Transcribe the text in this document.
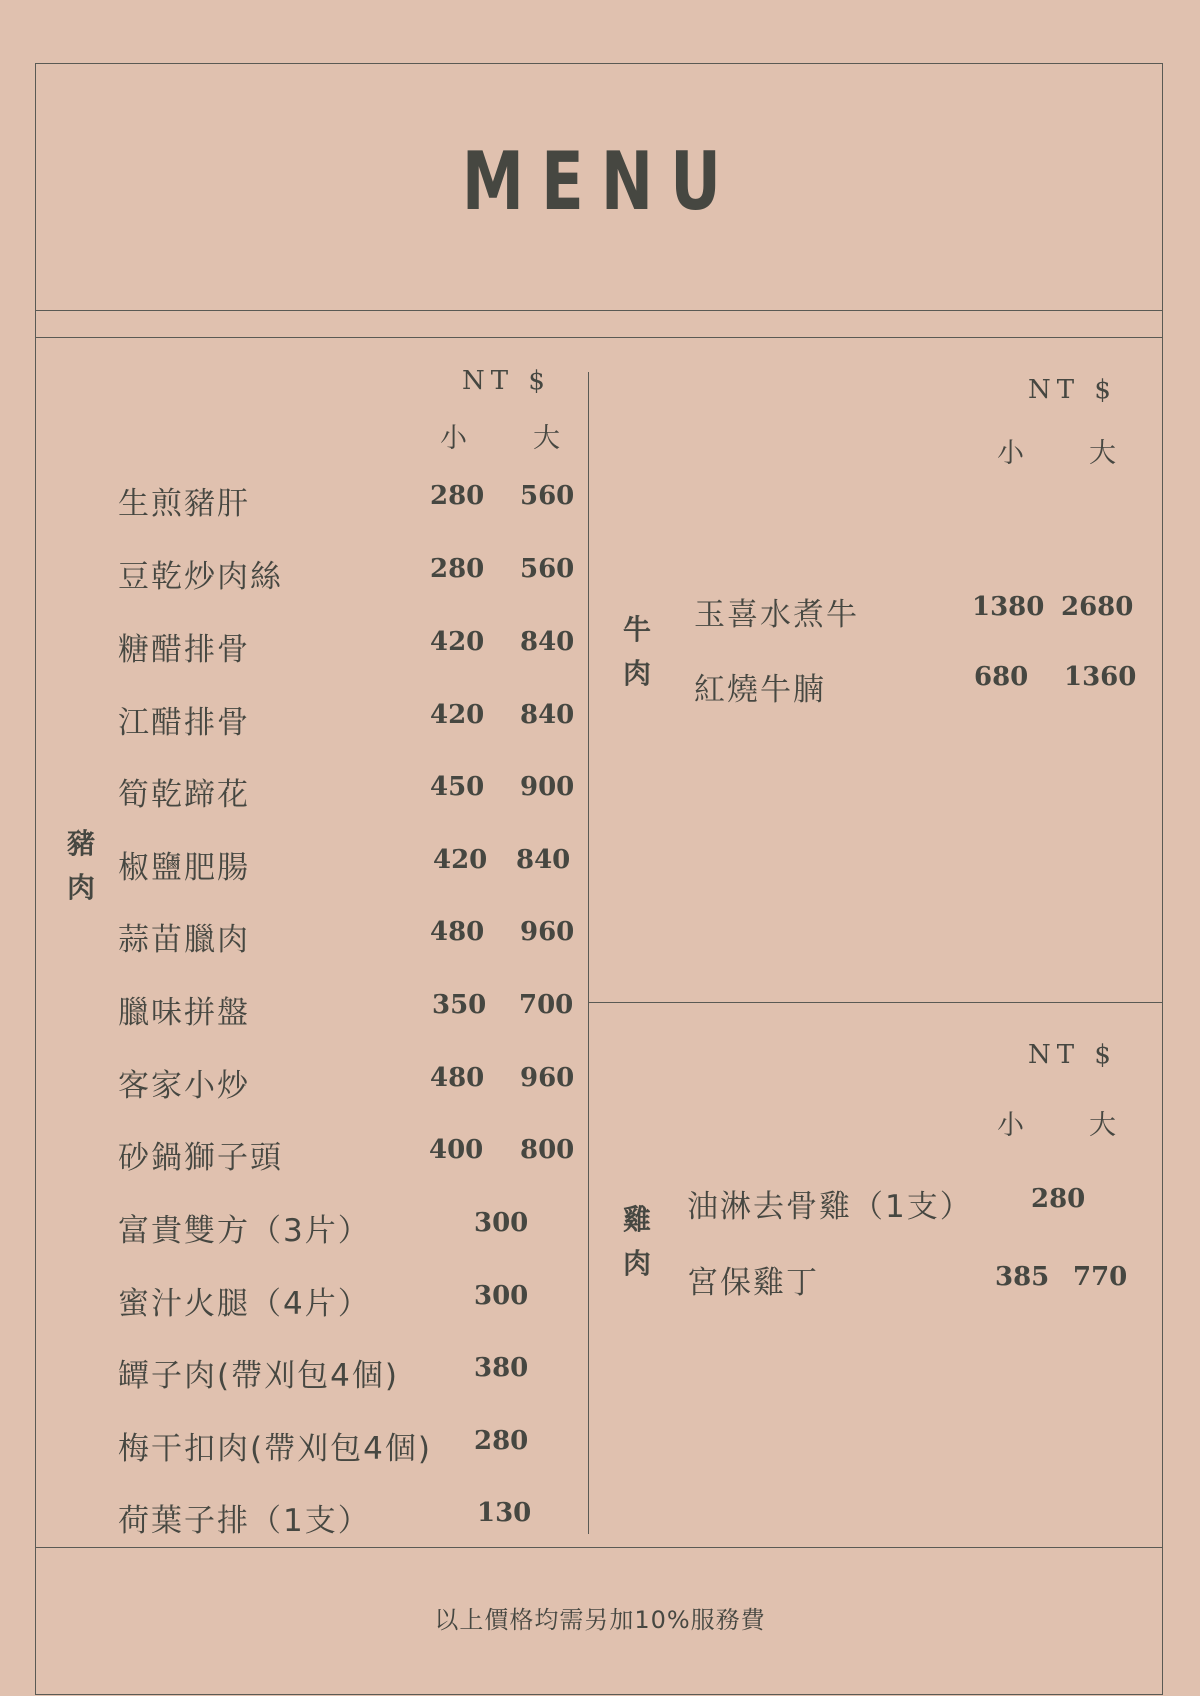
MENU
NT $
小 大
豬
肉
生煎豬肝	280 560
豆乾炒肉絲	280 560
糖醋排骨	420 840
江醋排骨	420 840
筍乾蹄花	450 900
椒鹽肥腸	420 840
蒜苗臘肉	480 960
臘味拼盤	350 700
客家小炒	480 960
砂鍋獅子頭	400 800
富貴雙方（3片）	300
蜜汁火腿（4片）	300
罈子肉(帶刈包4個)	380
梅干扣肉(帶刈包4個) 280
荷葉子排（1支）	130
NT $
小 大
牛
肉
玉喜水煮牛	1380 2680
紅燒牛腩	680 1360
NT $
小 大
雞
肉
油淋去骨雞（1支） 280
宮保雞丁	385 770
以上價格均需另加10%服務費
